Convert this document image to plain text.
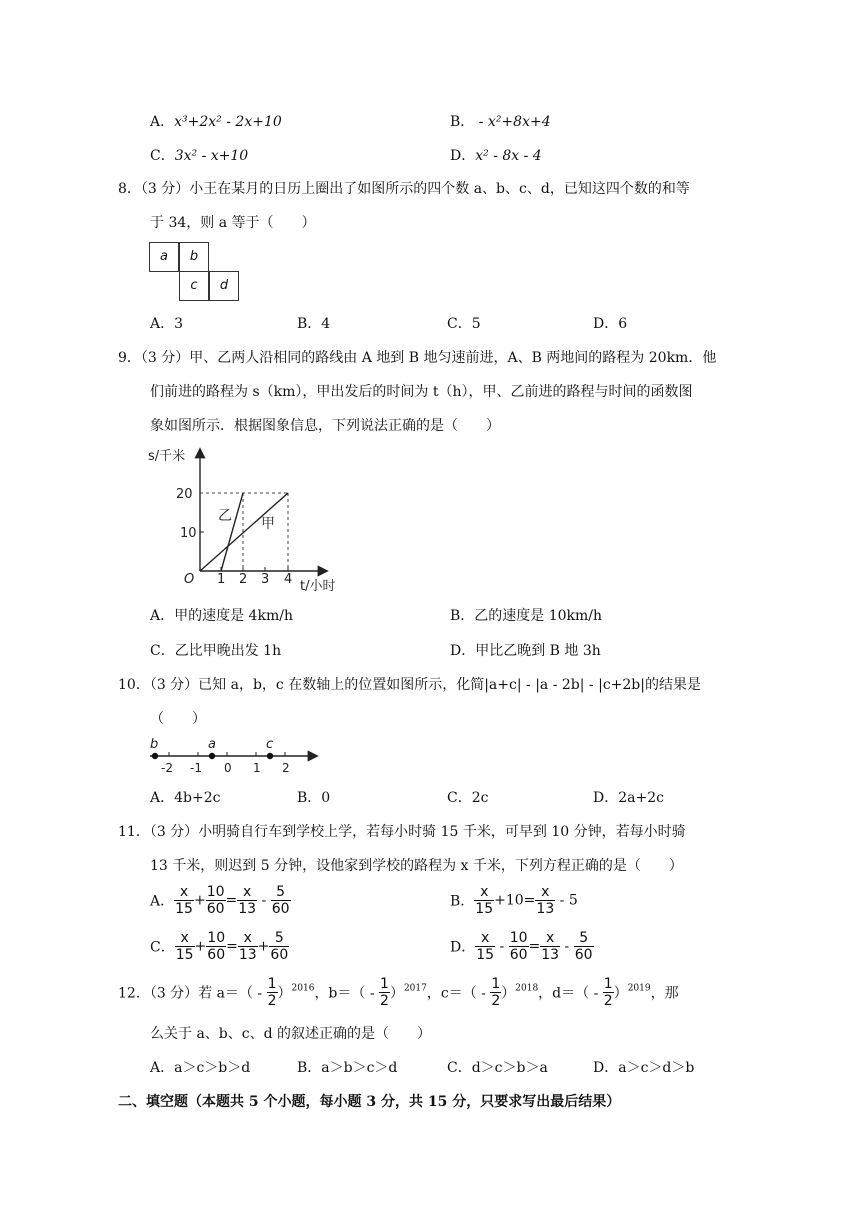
A．x³+2x² - 2x+10	B． - x²+8x+4
C．3x² - x+10	D．x² - 8x - 4
8．（3 分）小王在某月的日历上圈出了如图所示的四个数 a、b、c、d，已知这四个数的和等
于 34，则 a 等于（　　）
a	b
c	d
A．3	B．4	C．5	D．6
9．（3 分）甲、乙两人沿相同的路线由 A 地到 B 地匀速前进，A、B 两地间的路程为 20km．他
们前进的路程为 s（km），甲出发后的时间为 t（h），甲、乙前进的路程与时间的函数图
象如图所示．根据图象信息，下列说法正确的是（　　）
s/千米
20
10
O 1 2 3 4 t/小时
乙 甲
A．甲的速度是 4km/h	B．乙的速度是 10km/h
C．乙比甲晚出发 1h	D．甲比乙晚到 B 地 3h
10．（3 分）已知 a，b，c 在数轴上的位置如图所示，化简|a+c| - |a - 2b| - |c+2b|的结果是
（　　）
b	a	c
-2 -1 0 1 2
A．4b+2c	B．0	C．2c	D．2a+2c
11．（3 分）小明骑自行车到学校上学，若每小时骑 15 千米，可早到 10 分钟，若每小时骑
13 千米，则迟到 5 分钟，设他家到学校的路程为 x 千米，下列方程正确的是（　　）
A． $\frac{x}{15} + \frac{10}{60} = \frac{x}{13} - \frac{5}{60}$	B． $\frac{x}{15} +10= \frac{x}{13} - 5$
C． $\frac{x}{15} + \frac{10}{60} = \frac{x}{13} + \frac{5}{60}$	D． $\frac{x}{15} - \frac{10}{60} = \frac{x}{13} - \frac{5}{60}$
12．（3 分）若 $a=( - \frac{1}{2} )^{2016}$，$b=( - \frac{1}{2} )^{2017}$，$c=( - \frac{1}{2} )^{2018}$，$d=( - \frac{1}{2} )^{2019}$，那
么关于 a、b、c、d 的叙述正确的是（　　）
A．a＞c＞b＞d	B．a＞b＞c＞d	C．d＞c＞b＞a	D．a＞c＞d＞b
二、填空题（本题共 5 个小题，每小题 3 分，共 15 分，只要求写出最后结果）
